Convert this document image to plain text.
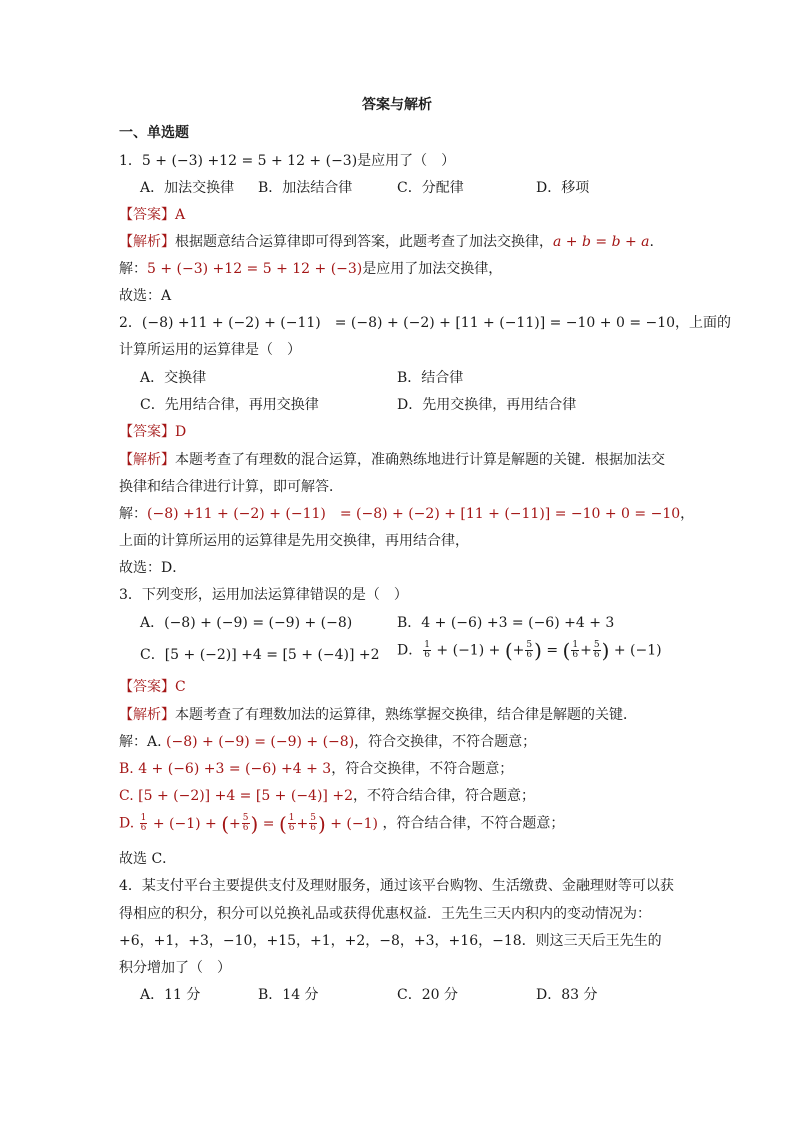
答案与解析
一、单选题
1．5 + (−3) +12 = 5 + 12 + (−3)是应用了（　）
A．加法交换律 B．加法结合律	C．分配律	D．移项
【答案】A
【解析】根据题意结合运算律即可得到答案，此题考查了加法交换律，a + b = b + a.
解：5 + (−3) +12 = 5 + 12 + (−3)是应用了加法交换律，
故选：A
2．(−8) +11 + (−2) + (−11)　= (−8) + (−2) + [11 + (−11)] = −10 + 0 = −10，上面的
计算所运用的运算律是（　）
A．交换律	B．结合律
C．先用结合律，再用交换律	D．先用交换律，再用结合律
【答案】D
【解析】本题考查了有理数的混合运算，准确熟练地进行计算是解题的关键．根据加法交
换律和结合律进行计算，即可解答．
解：(−8) +11 + (−2) + (−11)　= (−8) + (−2) + [11 + (−11)] = −10 + 0 = −10，
上面的计算所运用的运算律是先用交换律，再用结合律，
故选：D．
3．下列变形，运用加法运算律错误的是（　）
A．(−8) + (−9) = (−9) + (−8)	B．4 + (−6) +3 = (−6) +4 + 3
C．[5 + (−2)] +4 = [5 + (−4)] +2 D． $\frac{1}{6} + (-1)$ + (+ $\frac{5}{6}$ ) = ( $\frac{1}{6} + \frac{5}{6}$ ) + (−1)
【答案】C
【解析】本题考查了有理数加法的运算律，熟练掌握交换律，结合律是解题的关键．
解：A. (−8) + (−9) = (−9) + (−8)，符合交换律，不符合题意；
B. 4 + (−6) +3 = (−6) +4 + 3，符合交换律，不符合题意；
C. [5 + (−2)] +4 = [5 + (−4)] +2，不符合结合律，符合题意；
D. $\frac{1}{6} + (-1)$ + (+ $\frac{5}{6}$ ) = ( $\frac{1}{6} + \frac{5}{6}$ ) + (−1) ，符合结合律，不符合题意；
故选 C．
4．某支付平台主要提供支付及理财服务，通过该平台购物、生活缴费、金融理财等可以获
得相应的积分，积分可以兑换礼品或获得优惠权益．王先生三天内积内的变动情况为：
+6，+1，+3，−10，+15，+1，+2，−8，+3，+16，−18．则这三天后王先生的
积分增加了（　）
A．11 分	B．14 分	C．20 分	D．83 分
